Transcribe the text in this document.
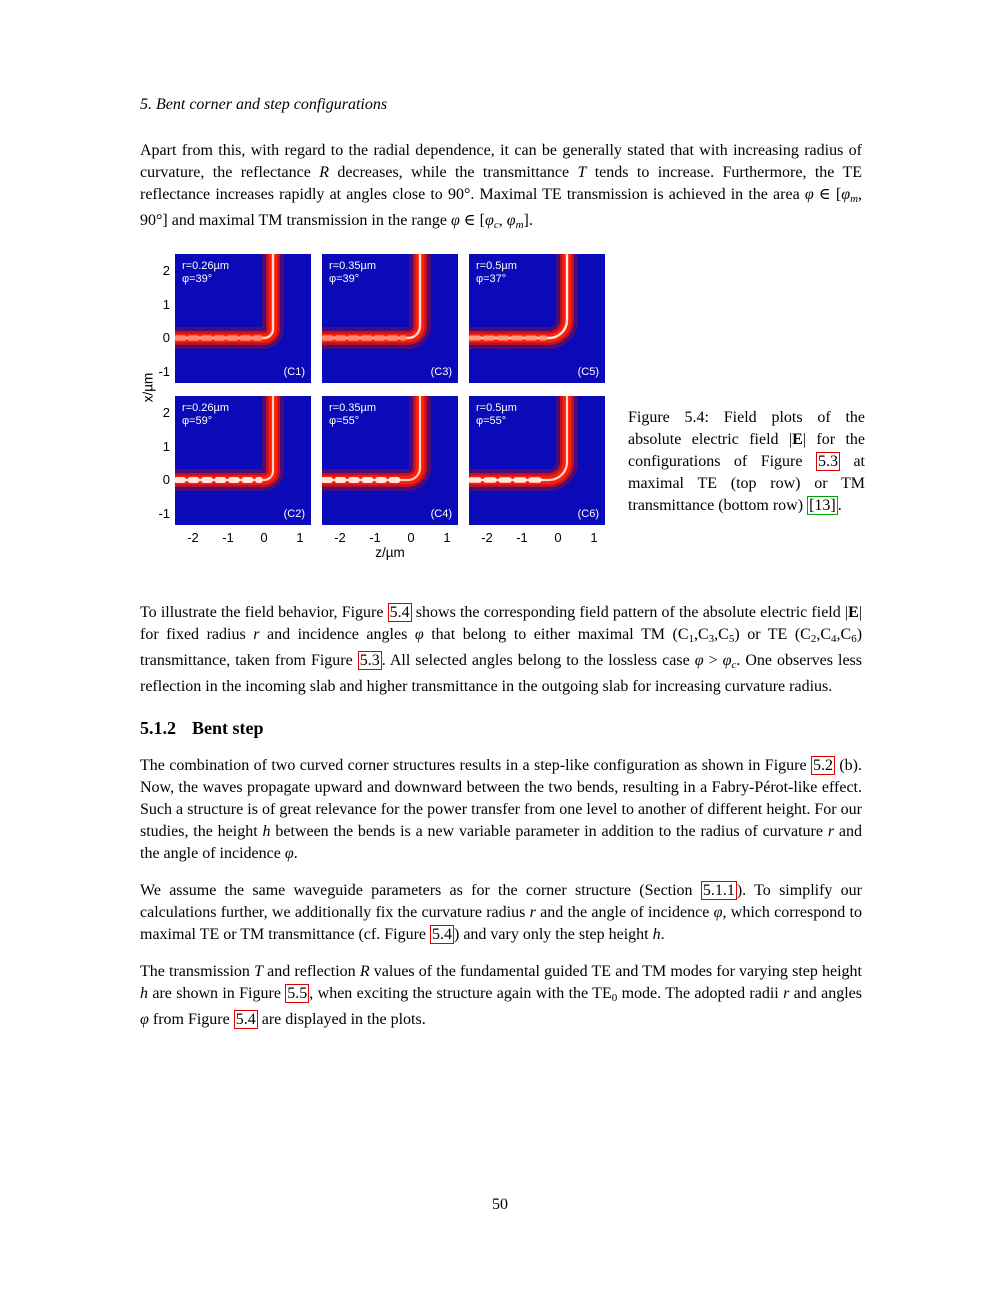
5. Bent corner and step configurations

Apart from this, with regard to the radial dependence, it can be generally stated that with increasing radius of curvature, the reflectance R decreases, while the transmittance T tends to increase. Furthermore, the TE reflectance increases rapidly at angles close to 90°. Maximal TE transmission is achieved in the area φ ∈ [φm, 90°] and maximal TM transmission in the range φ ∈ [φc, φm].

x/µm
2
1
0
-1
2
1
0
-1
r=0.26µm
φ=39°
(C1)
r=0.35µm
φ=39°
(C3)
r=0.5µm
φ=37°
(C5)
r=0.26µm
φ=59°
(C2)
r=0.35µm
φ=55°
(C4)
r=0.5µm
φ=55°
(C6)
-2	-1	0	1	-2	-1	0	1	-2	-1	0	1
z/µm
Figure 5.4: Field plots of the absolute electric field |E| for the configurations of Figure 5.3 at maximal TE (top row) or TM transmittance (bottom row) [13] .

To illustrate the field behavior, Figure 5.4 shows the corresponding field pattern of the absolute electric field |E| for fixed radius r and incidence angles φ that belong to either maximal TM (C1,C3,C5) or TE (C2,C4,C6) transmittance, taken from Figure 5.3 . All selected angles belong to the lossless case φ > φc. One observes less reflection in the incoming slab and higher transmittance in the outgoing slab for increasing curvature radius.

5.1.2 Bent step

The combination of two curved corner structures results in a step-like configuration as shown in Figure 5.2 (b). Now, the waves propagate upward and downward between the two bends, resulting in a Fabry-Pérot-like effect. Such a structure is of great relevance for the power transfer from one level to another of different height. For our studies, the height h between the bends is a new variable parameter in addition to the radius of curvature r and the angle of incidence φ.

We assume the same waveguide parameters as for the corner structure (Section 5.1.1 ). To simplify our calculations further, we additionally fix the curvature radius r and the angle of incidence φ, which correspond to maximal TE or TM transmittance (cf. Figure 5.4 ) and vary only the step height h.

The transmission T and reflection R values of the fundamental guided TE and TM modes for varying step height h are shown in Figure 5.5 , when exciting the structure again with the TE0 mode. The adopted radii r and angles φ from Figure 5.4 are displayed in the plots.

50
